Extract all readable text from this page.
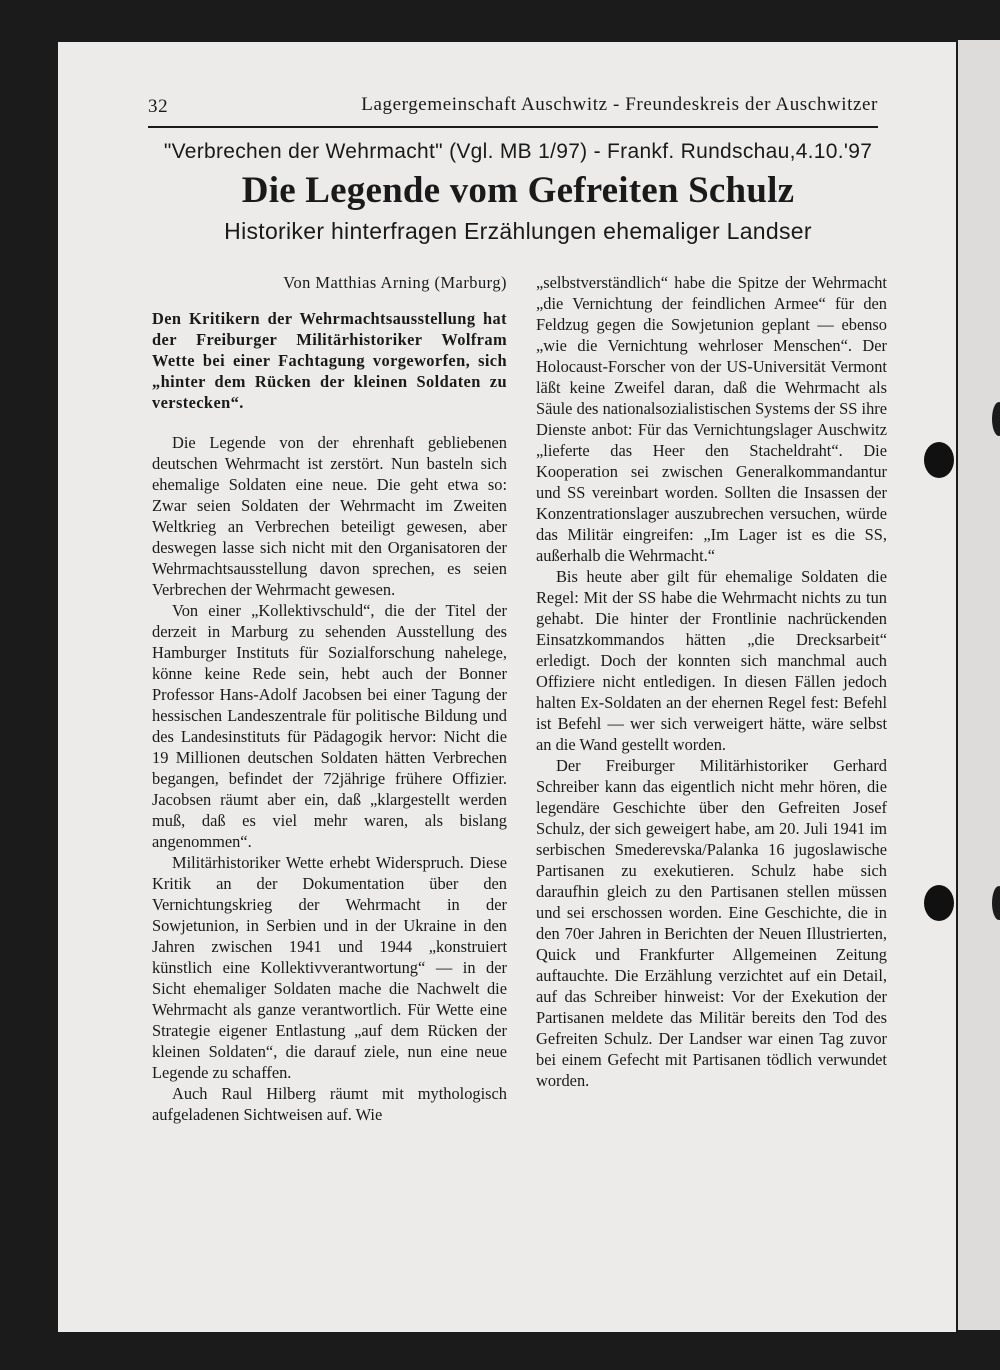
32	Lagergemeinschaft Auschwitz - Freundeskreis der Auschwitzer
"Verbrechen der Wehrmacht" (Vgl. MB 1/97) - Frankf. Rundschau,4.10.'97
Die Legende vom Gefreiten Schulz
Historiker hinterfragen Erzählungen ehemaliger Landser

Von Matthias Arning (Marburg)

Den Kritikern der Wehrmachtsausstellung hat der Freiburger Militärhistoriker Wolfram Wette bei einer Fachtagung vorgeworfen, sich „hinter dem Rücken der kleinen Soldaten zu verstecken“.

Die Legende von der ehrenhaft gebliebenen deutschen Wehrmacht ist zerstört. Nun basteln sich ehemalige Soldaten eine neue. Die geht etwa so: Zwar seien Soldaten der Wehrmacht im Zweiten Weltkrieg an Verbrechen beteiligt gewesen, aber deswegen lasse sich nicht mit den Organisatoren der Wehrmachtsausstellung davon sprechen, es seien Verbrechen der Wehrmacht gewesen.

Von einer „Kollektivschuld“, die der Titel der derzeit in Marburg zu sehenden Ausstellung des Hamburger Instituts für Sozialforschung nahelege, könne keine Rede sein, hebt auch der Bonner Professor Hans-Adolf Jacobsen bei einer Tagung der hessischen Landeszentrale für politische Bildung und des Landesinstituts für Pädagogik hervor: Nicht die 19 Millionen deutschen Soldaten hätten Verbrechen begangen, befindet der 72jährige frühere Offizier. Jacobsen räumt aber ein, daß „klargestellt werden muß, daß es viel mehr waren, als bislang angenommen“.

Militärhistoriker Wette erhebt Widerspruch. Diese Kritik an der Dokumentation über den Vernichtungskrieg der Wehrmacht in der Sowjetunion, in Serbien und in der Ukraine in den Jahren zwischen 1941 und 1944 „konstruiert künstlich eine Kollektivverantwortung“ — in der Sicht ehemaliger Soldaten mache die Nachwelt die Wehrmacht als ganze verantwortlich. Für Wette eine Strategie eigener Entlastung „auf dem Rücken der kleinen Soldaten“, die darauf ziele, nun eine neue Legende zu schaffen.

Auch Raul Hilberg räumt mit mythologisch aufgeladenen Sichtweisen auf. Wie

„selbstverständlich“ habe die Spitze der Wehrmacht „die Vernichtung der feindlichen Armee“ für den Feldzug gegen die Sowjetunion geplant — ebenso „wie die Vernichtung wehrloser Menschen“. Der Holocaust-Forscher von der US-Universität Vermont läßt keine Zweifel daran, daß die Wehrmacht als Säule des nationalsozialistischen Systems der SS ihre Dienste anbot: Für das Vernichtungslager Auschwitz „lieferte das Heer den Stacheldraht“. Die Kooperation sei zwischen Generalkommandantur und SS vereinbart worden. Sollten die Insassen der Konzentrationslager auszubrechen versuchen, würde das Militär eingreifen: „Im Lager ist es die SS, außerhalb die Wehrmacht.“

Bis heute aber gilt für ehemalige Soldaten die Regel: Mit der SS habe die Wehrmacht nichts zu tun gehabt. Die hinter der Frontlinie nachrückenden Einsatzkommandos hätten „die Drecksarbeit“ erledigt. Doch der konnten sich manchmal auch Offiziere nicht entledigen. In diesen Fällen jedoch halten Ex-Soldaten an der ehernen Regel fest: Befehl ist Befehl — wer sich verweigert hätte, wäre selbst an die Wand gestellt worden.

Der Freiburger Militärhistoriker Gerhard Schreiber kann das eigentlich nicht mehr hören, die legendäre Geschichte über den Gefreiten Josef Schulz, der sich geweigert habe, am 20. Juli 1941 im serbischen Smederevska/Palanka 16 jugoslawische Partisanen zu exekutieren. Schulz habe sich daraufhin gleich zu den Partisanen stellen müssen und sei erschossen worden. Eine Geschichte, die in den 70er Jahren in Berichten der Neuen Illustrierten, Quick und Frankfurter Allgemeinen Zeitung auftauchte. Die Erzählung verzichtet auf ein Detail, auf das Schreiber hinweist: Vor der Exekution der Partisanen meldete das Militär bereits den Tod des Gefreiten Schulz. Der Landser war einen Tag zuvor bei einem Gefecht mit Partisanen tödlich verwundet worden.
